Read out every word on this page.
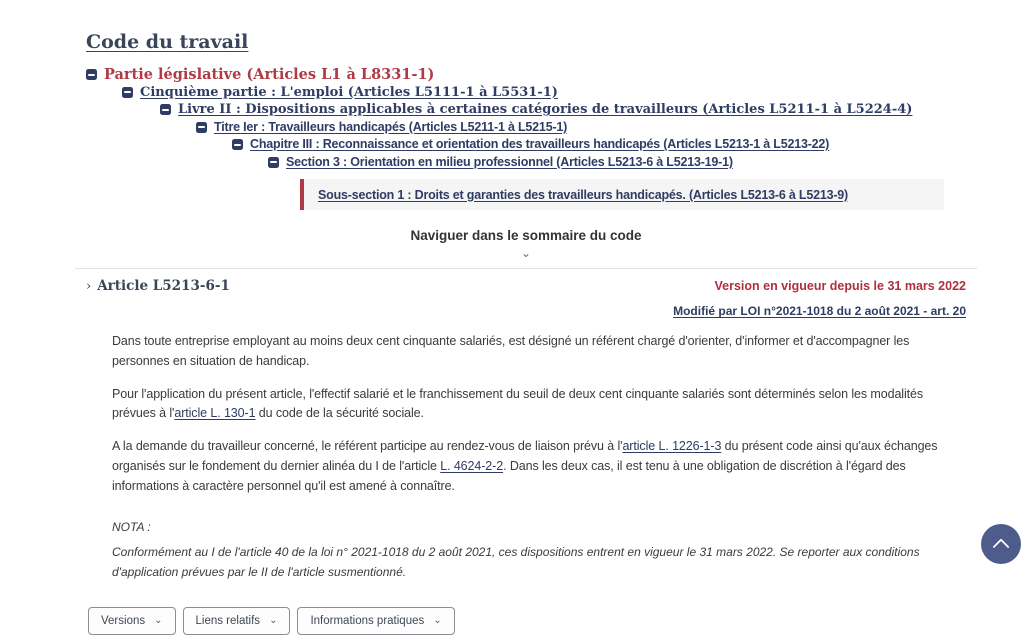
Code du travail
Partie législative (Articles L1 à L8331-1)
Cinquième partie : L'emploi (Articles L5111-1 à L5531-1)
Livre II : Dispositions applicables à certaines catégories de travailleurs (Articles L5211-1 à L5224-4)
Titre Ier : Travailleurs handicapés (Articles L5211-1 à L5215-1)
Chapitre III : Reconnaissance et orientation des travailleurs handicapés (Articles L5213-1 à L5213-22)
Section 3 : Orientation en milieu professionnel (Articles L5213-6 à L5213-19-1)
Sous-section 1 : Droits et garanties des travailleurs handicapés. (Articles L5213-6 à L5213-9)
Naviguer dans le sommaire du code
⌄
› Article L5213-6-1	Version en vigueur depuis le 31 mars 2022
Modifié par LOI n°2021-1018 du 2 août 2021 - art. 20

Dans toute entreprise employant au moins deux cent cinquante salariés, est désigné un référent chargé d'orienter, d'informer et d'accompagner les personnes en situation de handicap.

Pour l'application du présent article, l'effectif salarié et le franchissement du seuil de deux cent cinquante salariés sont déterminés selon les modalités prévues à l'article L. 130-1 du code de la sécurité sociale.

A la demande du travailleur concerné, le référent participe au rendez-vous de liaison prévu à l'article L. 1226-1-3 du présent code ainsi qu'aux échanges organisés sur le fondement du dernier alinéa du I de l'article L. 4624-2-2. Dans les deux cas, il est tenu à une obligation de discrétion à l'égard des informations à caractère personnel qu'il est amené à connaître.

NOTA :
Conformément au I de l'article 40 de la loi n° 2021-1018 du 2 août 2021, ces dispositions entrent en vigueur le 31 mars 2022. Se reporter aux conditions d'application prévues par le II de l'article susmentionné.
Versions ⌄	Liens relatifs ⌄	Informations pratiques ⌄
